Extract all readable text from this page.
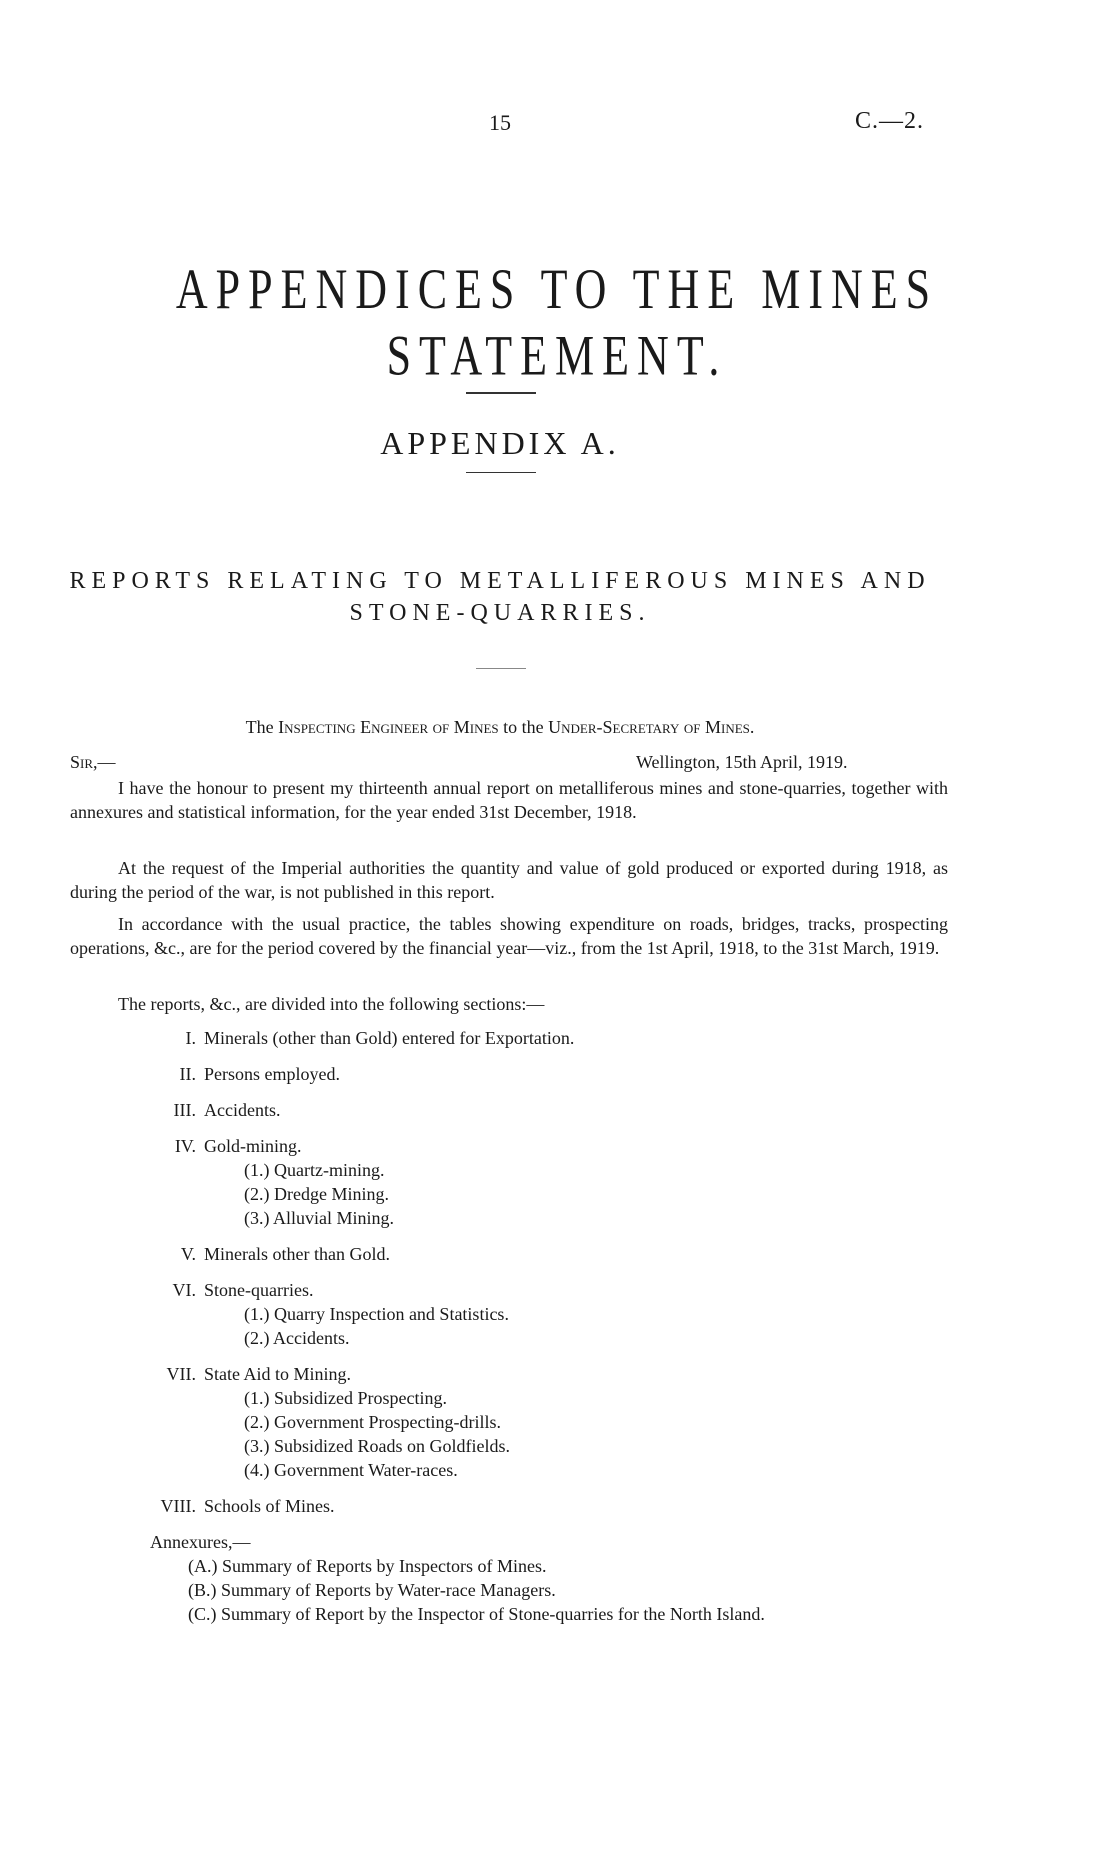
15	C.—2.
APPENDICES TO THE MINES STATEMENT.
APPENDIX A.
REPORTS RELATING TO METALLIFEROUS MINES AND
STONE-QUARRIES.
The Inspecting Engineer of Mines to the Under-Secretary of Mines.
Sir,—	Wellington, 15th April, 1919.

I have the honour to present my thirteenth annual report on metalliferous mines and stone-quarries, together with annexures and statistical information, for the year ended 31st December, 1918.

At the request of the Imperial authorities the quantity and value of gold produced or exported during 1918, as during the period of the war, is not published in this report.

In accordance with the usual practice, the tables showing expenditure on roads, bridges, tracks, prospecting operations, &c., are for the period covered by the financial year—viz., from the 1st April, 1918, to the 31st March, 1919.

The reports, &c., are divided into the following sections:—

I. Minerals (other than Gold) entered for Exportation.
II. Persons employed.
III. Accidents.
IV. Gold-mining.
(1.) Quartz-mining.
(2.) Dredge Mining.
(3.) Alluvial Mining.
V. Minerals other than Gold.
VI. Stone-quarries.
(1.) Quarry Inspection and Statistics.
(2.) Accidents.
VII. State Aid to Mining.
(1.) Subsidized Prospecting.
(2.) Government Prospecting-drills.
(3.) Subsidized Roads on Goldfields.
(4.) Government Water-races.
VIII. Schools of Mines.
Annexures,—
(A.) Summary of Reports by Inspectors of Mines.
(B.) Summary of Reports by Water-race Managers.
(C.) Summary of Report by the Inspector of Stone-quarries for the North Island.
